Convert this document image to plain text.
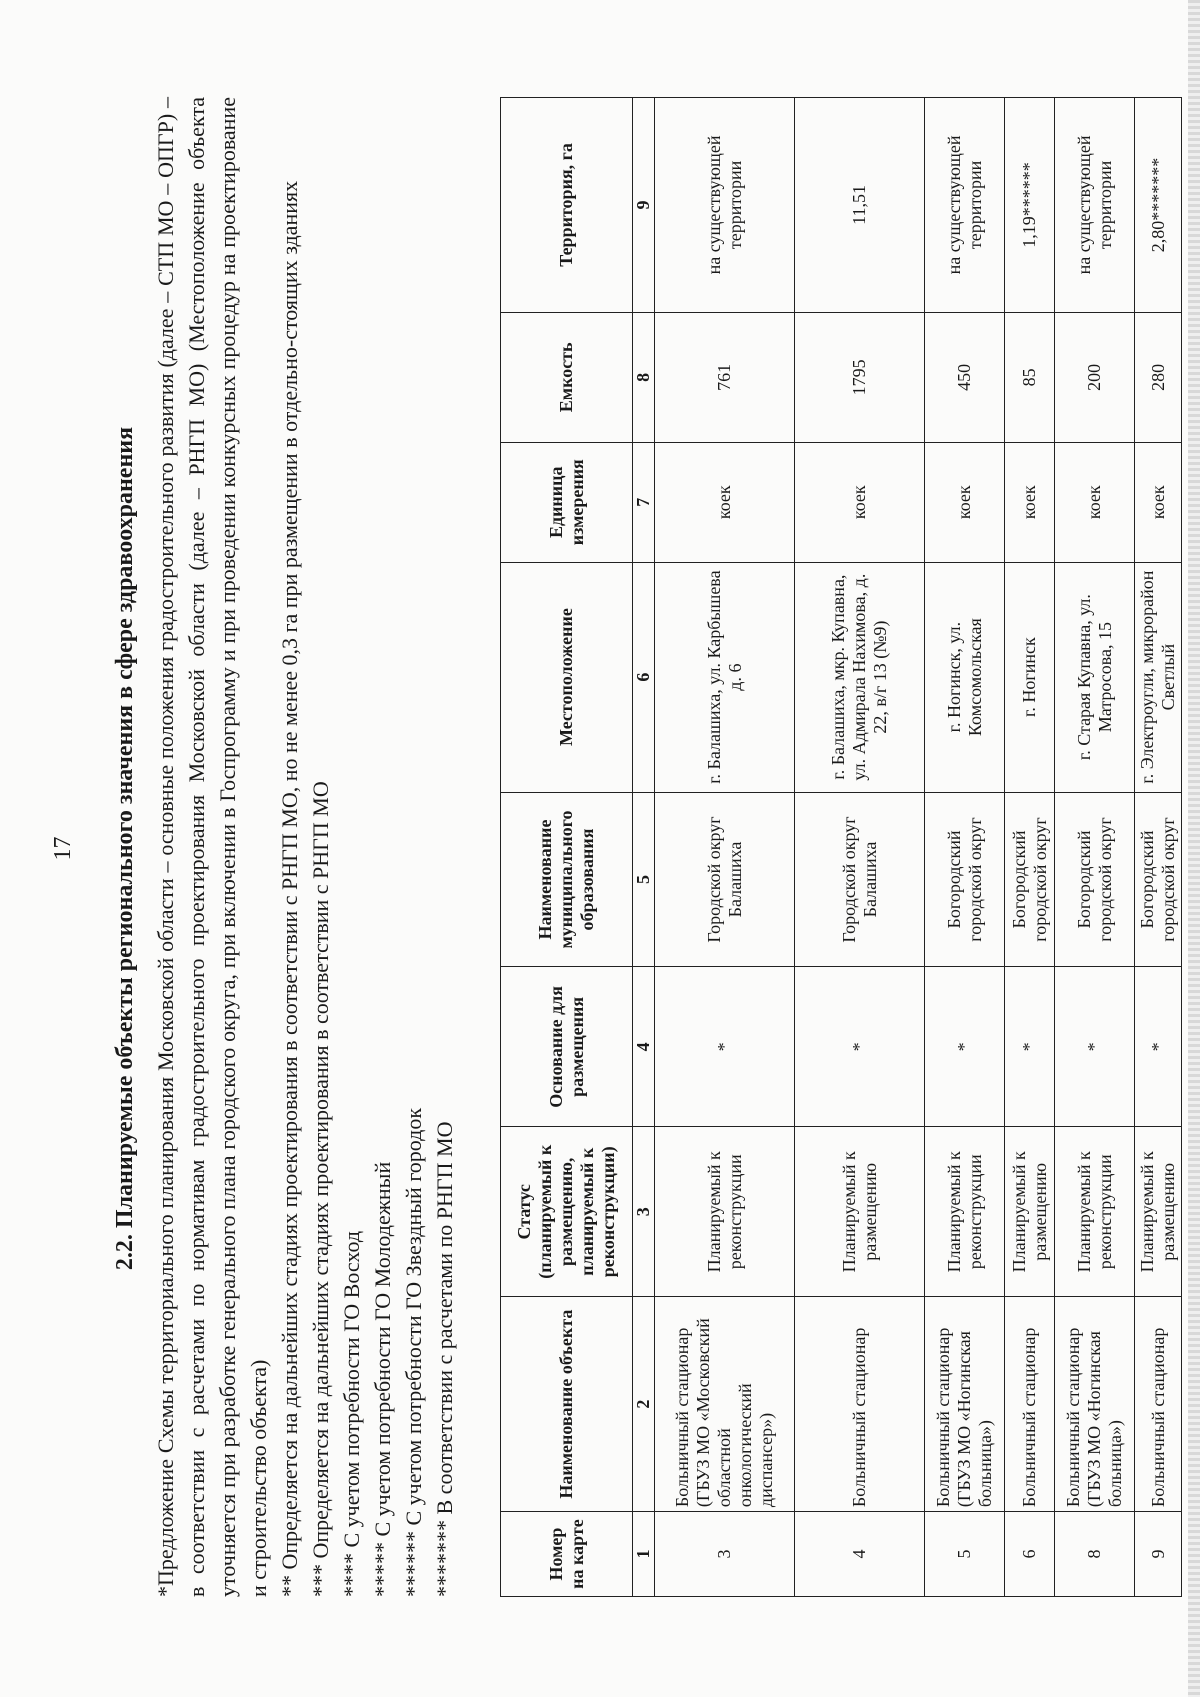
17 2.2. Планируемые объекты регионального значения в сфере здравоохранения *Предложение Схемы территориального планирования Московской области – основные положения градостроительного развития (далее – СТП МО – ОПГР) – в соответствии с расчетами по нормативам градостроительного проектирования Московской области (далее – РНГП МО) (Местоположение объекта уточняется при разработке генерального плана городского округа, при включении в Госпрограмму и при проведении конкурсных процедур на проектирование и строительство объекта) ** Определяется на дальнейших стадиях проектирования в соответствии с РНГП МО, но не менее 0,3 га при размещении в отдельно-стоящих зданиях *** Определяется на дальнейших стадиях проектирования в соответствии с РНГП МО **** С учетом потребности ГО Восход ***** С учетом потребности ГО Молодежный ****** С учетом потребности ГО Звездный городок ******* В соответствии с расчетами по РНГП МО	Номер на карте	Наименование объекта	Статус (планируемый к размещению, планируемый к реконструкции)	Основание для размещения	Наименование муниципального образования	Местоположение	Единица измерения	Емкость	Территория, га
1	2	3	4	5	6	7	8	9
3	Больничный стационар (ГБУЗ МО «Московский областной онкологический диспансер»)	Планируемый к реконструкции	*	Городской округ Балашиха	г. Балашиха, ул. Карбышева д. 6	коек	761	на существующей территории
4	Больничный стационар	Планируемый к размещению	*	Городской округ Балашиха	г. Балашиха, мкр. Купавна, ул. Адмирала Нахимова, д. 22, в/г 13 (№9)	коек	1795	11,51
5	Больничный стационар (ГБУЗ МО «Ногинская больница»)	Планируемый к реконструкции	*	Богородский городской округ	г. Ногинск, ул. Комсомольская	коек	450	на существующей территории
6	Больничный стационар	Планируемый к размещению	*	Богородский городской округ	г. Ногинск	коек	85	1,19******
8	Больничный стационар (ГБУЗ МО «Ногинская больница»)	Планируемый к реконструкции	*	Богородский городской округ	г. Старая Купавна, ул. Матросова, 15	коек	200	на существующей территории
9	Больничный стационар	Планируемый к размещению	*	Богородский городской округ	г. Электроугли, микрорайон Светлый	коек	280	2,80*******
